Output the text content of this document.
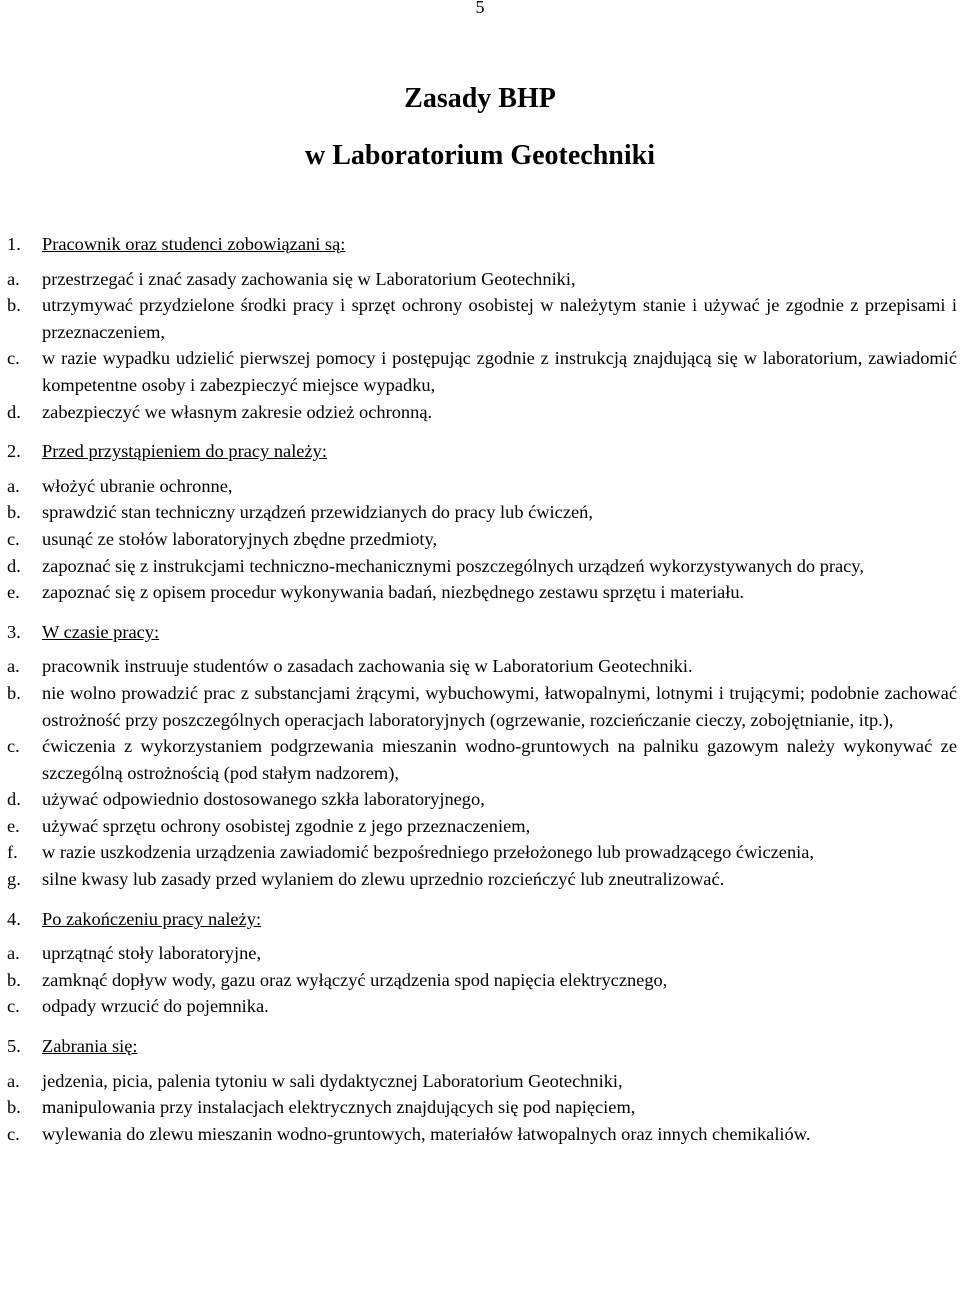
5
Zasady BHP
w Laboratorium Geotechniki
1.	Pracownik oraz studenci zobowiązani są:
a.	przestrzegać i znać zasady zachowania się w Laboratorium Geotechniki,
b.	utrzymywać przydzielone środki pracy i sprzęt ochrony osobistej w należytym stanie i używać je zgodnie z przepisami i przeznaczeniem,
c.	w razie wypadku udzielić pierwszej pomocy i postępując zgodnie z instrukcją znajdującą się w laboratorium, zawiadomić kompetentne osoby i zabezpieczyć miejsce wypadku,
d.	zabezpieczyć we własnym zakresie odzież ochronną.
2.	Przed przystąpieniem do pracy należy:
a.	włożyć ubranie ochronne,
b.	sprawdzić stan techniczny urządzeń przewidzianych do pracy lub ćwiczeń,
c.	usunąć ze stołów laboratoryjnych zbędne przedmioty,
d.	zapoznać się z instrukcjami techniczno-mechanicznymi poszczególnych urządzeń wykorzystywanych do pracy,
e.	zapoznać się z opisem procedur wykonywania badań, niezbędnego zestawu sprzętu i materiału.
3.	W czasie pracy:
a.	pracownik instruuje studentów o zasadach zachowania się w Laboratorium Geotechniki.
b.	nie wolno prowadzić prac z substancjami żrącymi, wybuchowymi, łatwopalnymi, lotnymi i trującymi; podobnie zachować ostrożność przy poszczególnych operacjach laboratoryjnych (ogrzewanie, rozcieńczanie cieczy, zobojętnianie, itp.),
c.	ćwiczenia z wykorzystaniem podgrzewania mieszanin wodno-gruntowych na palniku gazowym należy wykonywać ze szczególną ostrożnością (pod stałym nadzorem),
d.	używać odpowiednio dostosowanego szkła laboratoryjnego,
e.	używać sprzętu ochrony osobistej zgodnie z jego przeznaczeniem,
f.	w razie uszkodzenia urządzenia zawiadomić bezpośredniego przełożonego lub prowadzącego ćwiczenia,
g.	silne kwasy lub zasady przed wylaniem do zlewu uprzednio rozcieńczyć lub zneutralizować.
4.	Po zakończeniu pracy należy:
a.	uprzątnąć stoły laboratoryjne,
b.	zamknąć dopływ wody, gazu oraz wyłączyć urządzenia spod napięcia elektrycznego,
c.	odpady wrzucić do pojemnika.
5.	Zabrania się:
a.	jedzenia, picia, palenia tytoniu w sali dydaktycznej Laboratorium Geotechniki,
b.	manipulowania przy instalacjach elektrycznych znajdujących się pod napięciem,
c.	wylewania do zlewu mieszanin wodno-gruntowych, materiałów łatwopalnych oraz innych chemikaliów.
